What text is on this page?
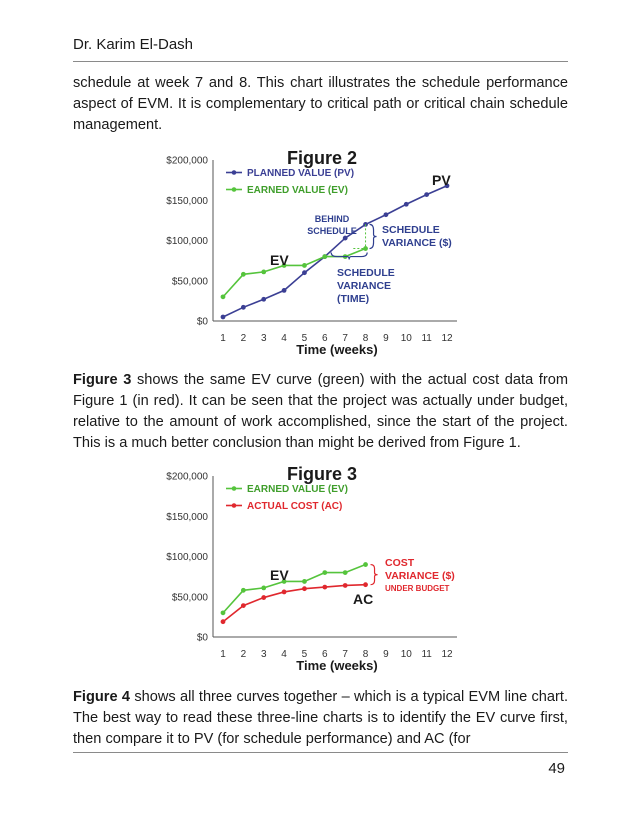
Dr. Karim El-Dash

schedule at week 7 and 8. This chart illustrates the schedule performance aspect of EVM. It is complementary to critical path or critical chain schedule management.

$0
$50,000
$100,000
$150,000
$200,000
1 2 3 4 5 6 7 8 9 10 11 12
Figure 2
Time (weeks)
PLANNED VALUE (PV)
EARNED VALUE (EV)
PV
EV
BEHIND
SCHEDULE SCHEDULE
VARIANCE ($)
SCHEDULE
VARIANCE
(TIME)

Figure 3 shows the same EV curve (green) with the actual cost data from Figure 1 (in red). It can be seen that the project was actually under budget, relative to the amount of work accomplished, since the start of the project. This is a much better conclusion than might be derived from Figure 1.

$0
$50,000
$100,000
$150,000
$200,000
1 2 3 4 5 6 7 8 9 10 11 12
Figure 3
Time (weeks)
EARNED VALUE (EV)
ACTUAL COST (AC)
EV
AC
COST
VARIANCE ($)
UNDER BUDGET

Figure 4 shows all three curves together – which is a typical EVM line chart. The best way to read these three-line charts is to identify the EV curve first, then compare it to PV (for schedule performance) and AC (for

49
